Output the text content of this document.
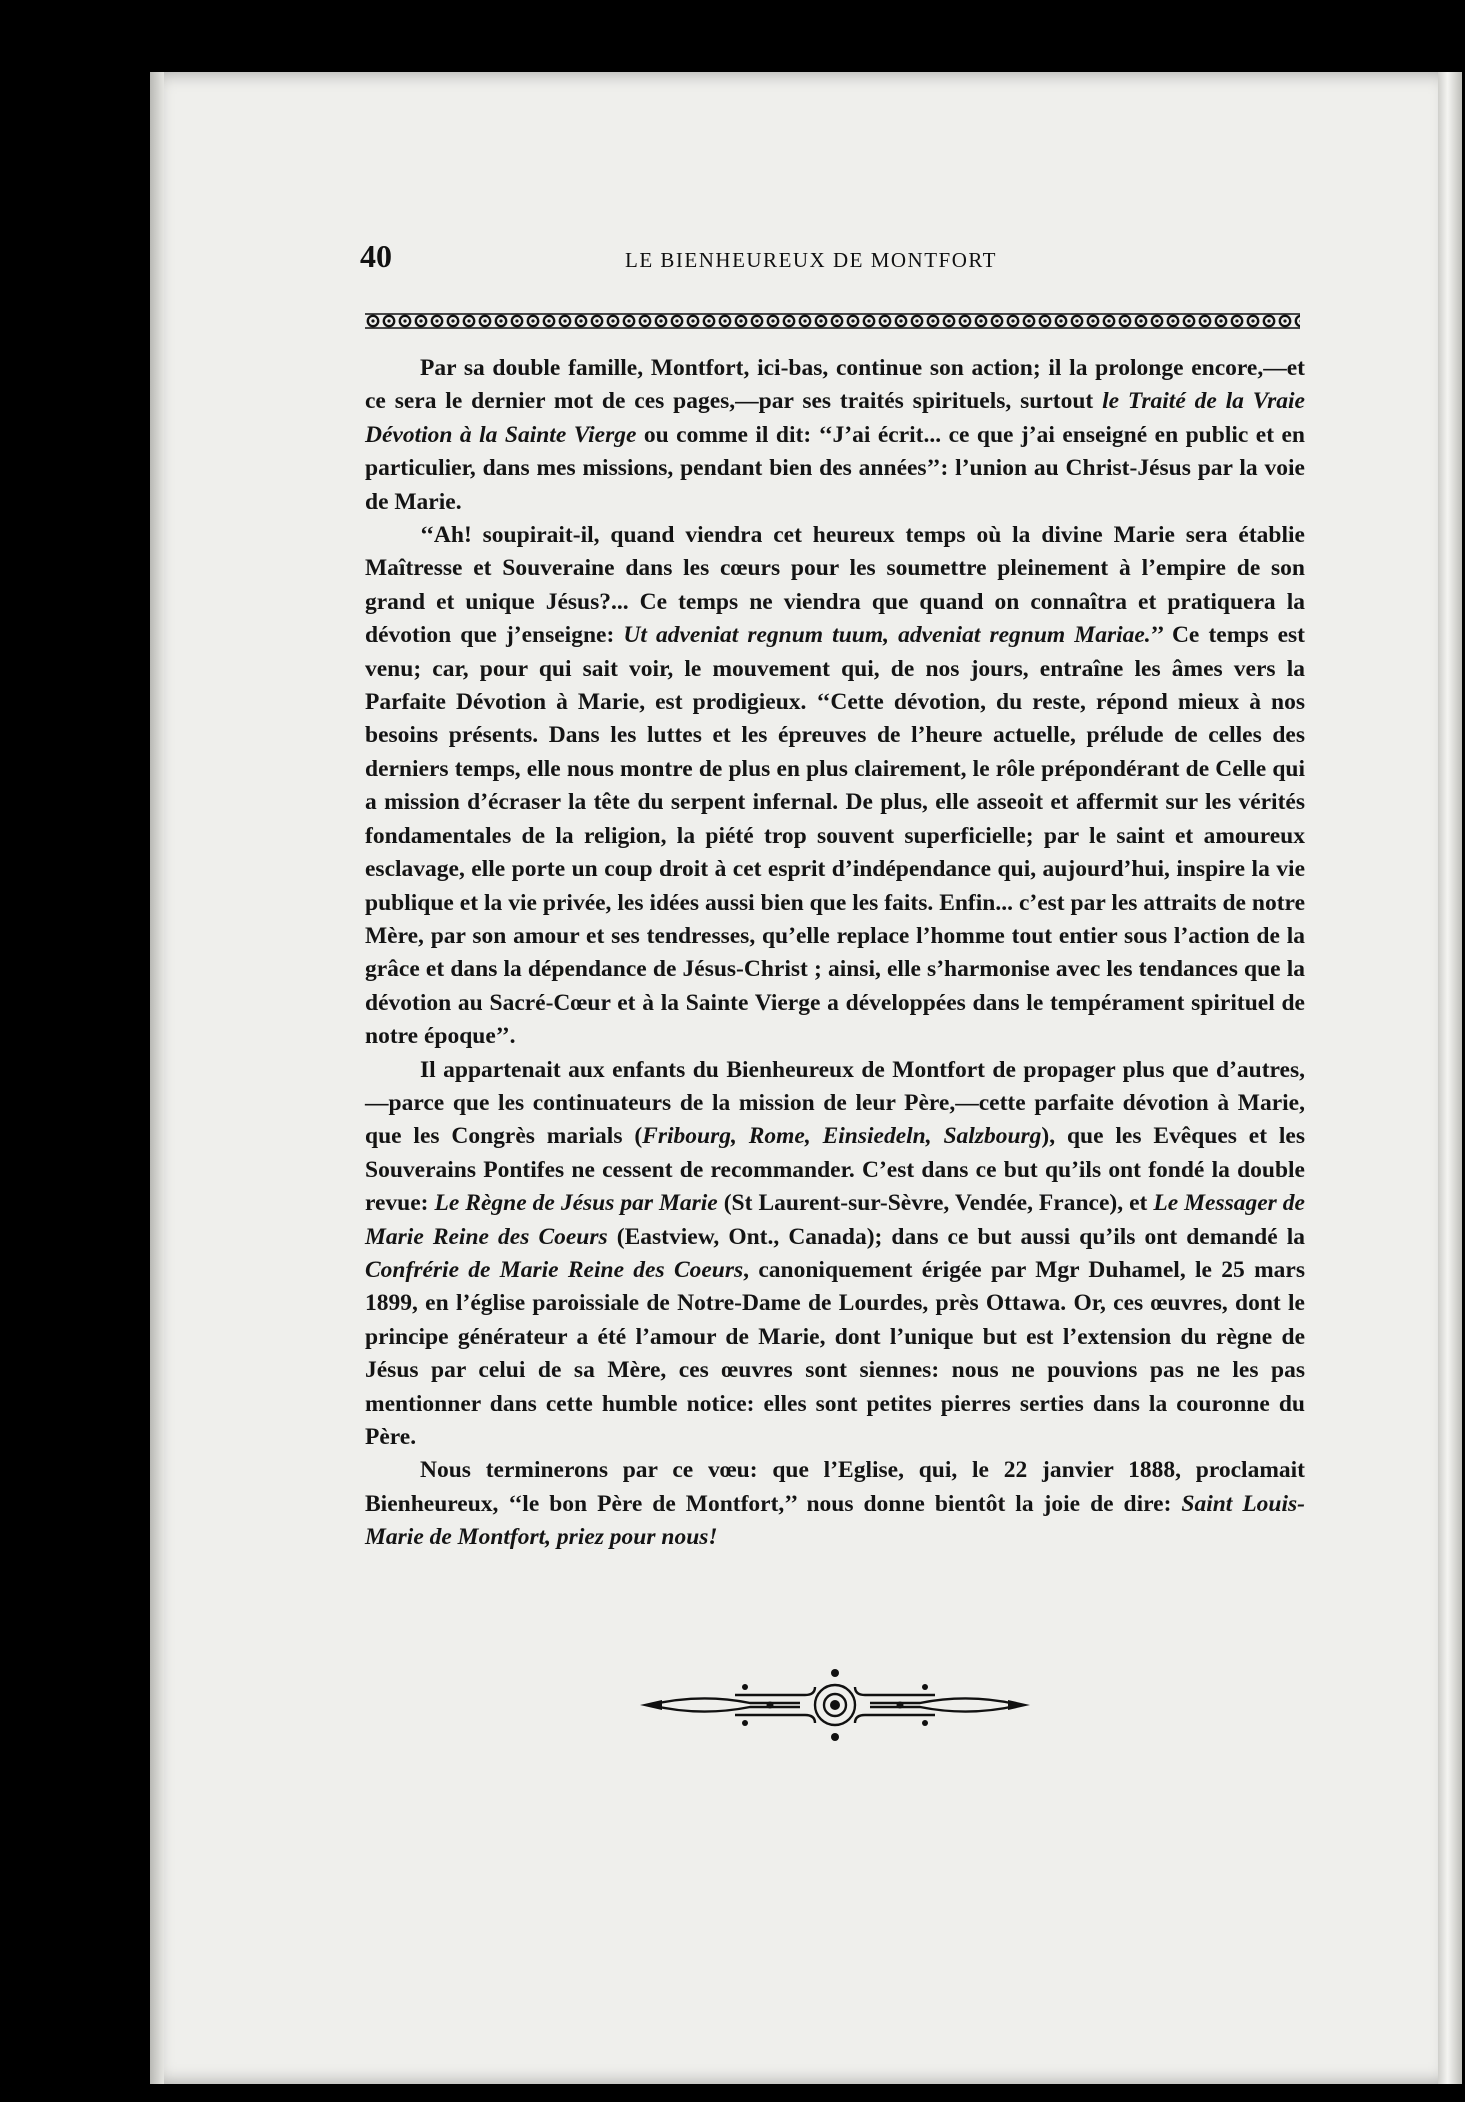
40	LE BIENHEUREUX DE MONTFORT

Par sa double famille, Montfort, ici-bas, continue son action; il la prolonge encore,—et ce sera le dernier mot de ces pages,—par ses traités spirituels, surtout le Traité de la Vraie Dévotion à la Sainte Vierge ou comme il dit: ‘‘J’ai écrit... ce que j’ai enseigné en public et en particulier, dans mes missions, pendant bien des années’’: l’union au Christ-Jésus par la voie de Marie.

‘‘Ah! soupirait-il, quand viendra cet heureux temps où la divine Marie sera établie Maîtresse et Souveraine dans les cœurs pour les soumettre pleinement à l’empire de son grand et unique Jésus?... Ce temps ne viendra que quand on connaîtra et pratiquera la dévotion que j’enseigne: Ut adveniat regnum tuum, adveniat regnum Mariae.’’ Ce temps est venu; car, pour qui sait voir, le mouvement qui, de nos jours, entraîne les âmes vers la Parfaite Dévotion à Marie, est prodigieux. ‘‘Cette dévotion, du reste, répond mieux à nos besoins présents. Dans les luttes et les épreuves de l’heure actuelle, prélude de celles des derniers temps, elle nous montre de plus en plus clairement, le rôle prépondérant de Celle qui a mission d’écraser la tête du serpent infernal. De plus, elle asseoit et affermit sur les vérités fondamentales de la religion, la piété trop souvent superficielle; par le saint et amoureux esclavage, elle porte un coup droit à cet esprit d’indépendance qui, aujourd’hui, inspire la vie publique et la vie privée, les idées aussi bien que les faits. Enfin... c’est par les attraits de notre Mère, par son amour et ses tendresses, qu’elle replace l’homme tout entier sous l’action de la grâce et dans la dépendance de Jésus-Christ ; ainsi, elle s’harmonise avec les tendances que la dévotion au Sacré-Cœur et à la Sainte Vierge a développées dans le tempérament spirituel de notre époque’’.

Il appartenait aux enfants du Bienheureux de Montfort de propager plus que d’autres,—parce que les continuateurs de la mission de leur Père,—cette parfaite dévotion à Marie, que les Congrès marials (Fribourg, Rome, Einsiedeln, Salzbourg), que les Evêques et les Souverains Pontifes ne cessent de recommander. C’est dans ce but qu’ils ont fondé la double revue: Le Règne de Jésus par Marie (St Laurent-sur-Sèvre, Vendée, France), et Le Messager de Marie Reine des Coeurs (Eastview, Ont., Canada); dans ce but aussi qu’ils ont demandé la Confrérie de Marie Reine des Coeurs, canoniquement érigée par Mgr Duhamel, le 25 mars 1899, en l’église paroissiale de Notre-Dame de Lourdes, près Ottawa. Or, ces œuvres, dont le principe générateur a été l’amour de Marie, dont l’unique but est l’extension du règne de Jésus par celui de sa Mère, ces œuvres sont siennes: nous ne pouvions pas ne les pas mentionner dans cette humble notice: elles sont petites pierres serties dans la couronne du Père.

Nous terminerons par ce vœu: que l’Eglise, qui, le 22 janvier 1888, proclamait Bienheureux, ‘‘le bon Père de Montfort,’’ nous donne bientôt la joie de dire: Saint Louis-Marie de Montfort, priez pour nous!
